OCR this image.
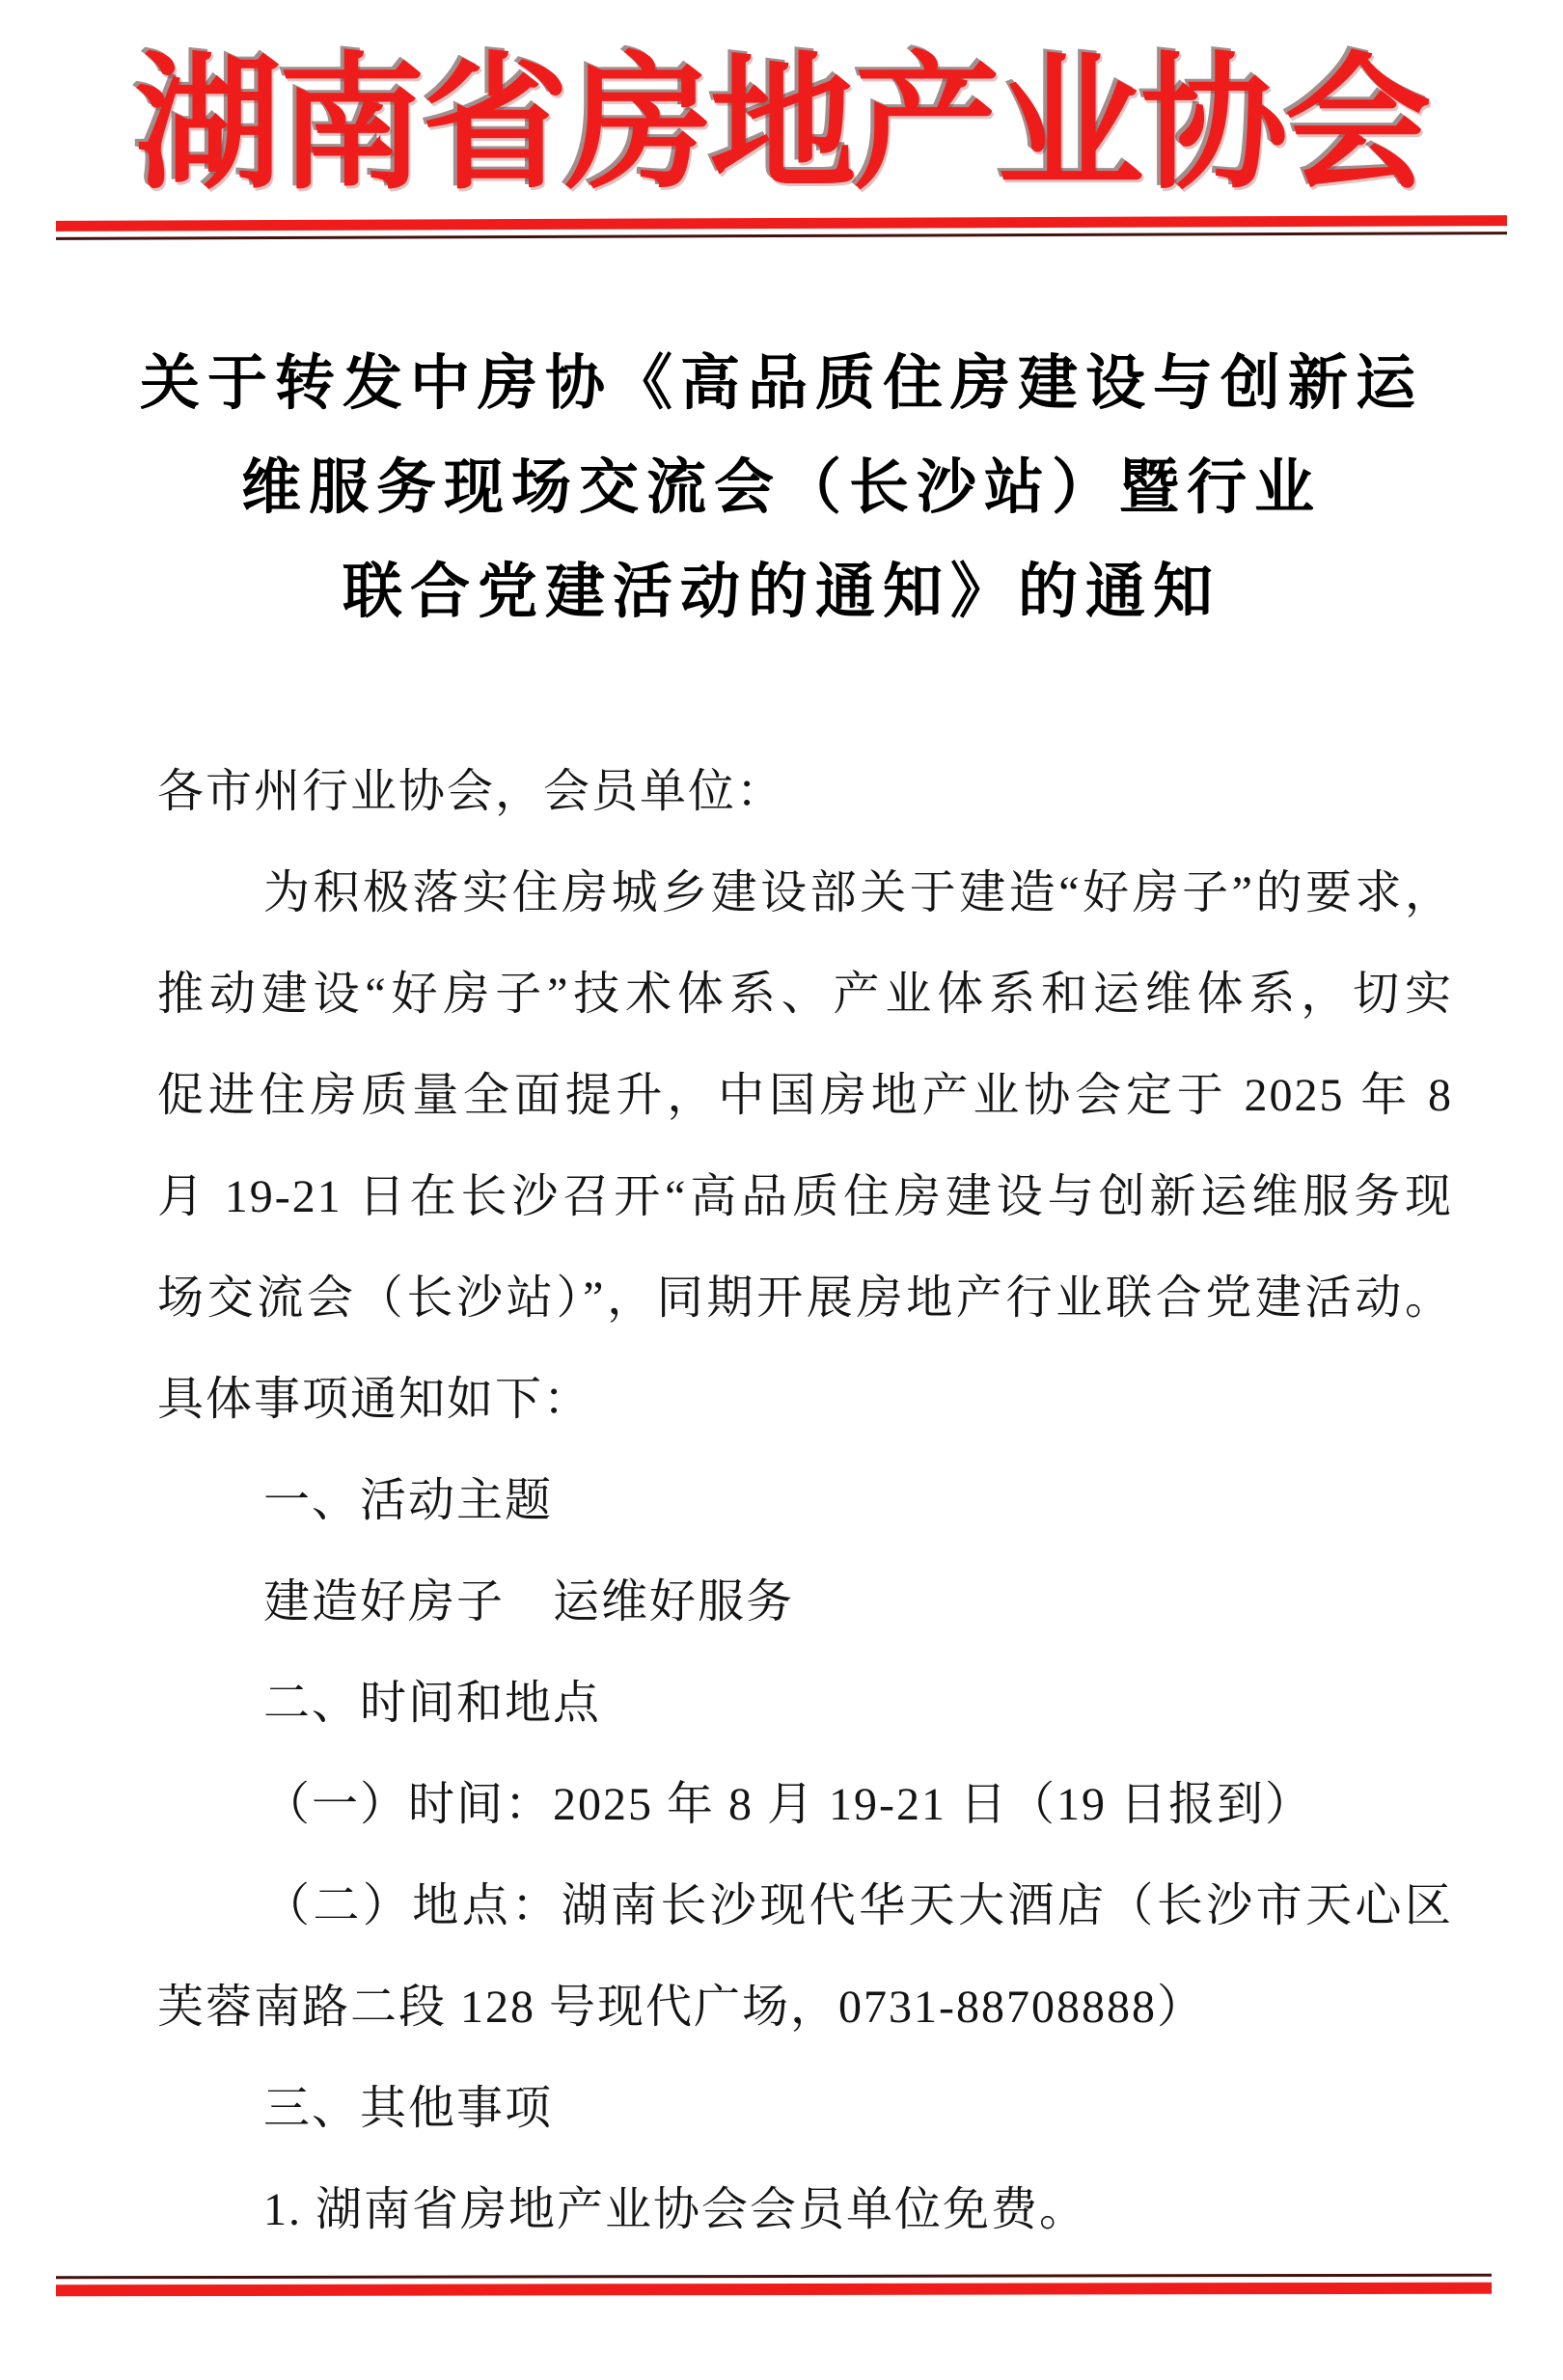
湖南省房地产业协会
关于转发中房协《高品质住房建设与创新运
维服务现场交流会（长沙站）暨行业
联合党建活动的通知》的通知
各市州行业协会，会员单位：
为积极落实住房城乡建设部关于建造“好房子”的要求，
推动建设“好房子”技术体系、产业体系和运维体系，切实
促进住房质量全面提升，中国房地产业协会定于 2025 年 8
月 19-21 日在长沙召开“高品质住房建设与创新运维服务现
场交流会（长沙站）”，同期开展房地产行业联合党建活动。
具体事项通知如下：
一、活动主题
建造好房子　运维好服务
二、时间和地点
（一）时间：2025 年 8 月 19-21 日（19 日报到）
（二）地点：湖南长沙现代华天大酒店（长沙市天心区
芙蓉南路二段 128 号现代广场，0731-88708888）
三、其他事项
1. 湖南省房地产业协会会员单位免费。
